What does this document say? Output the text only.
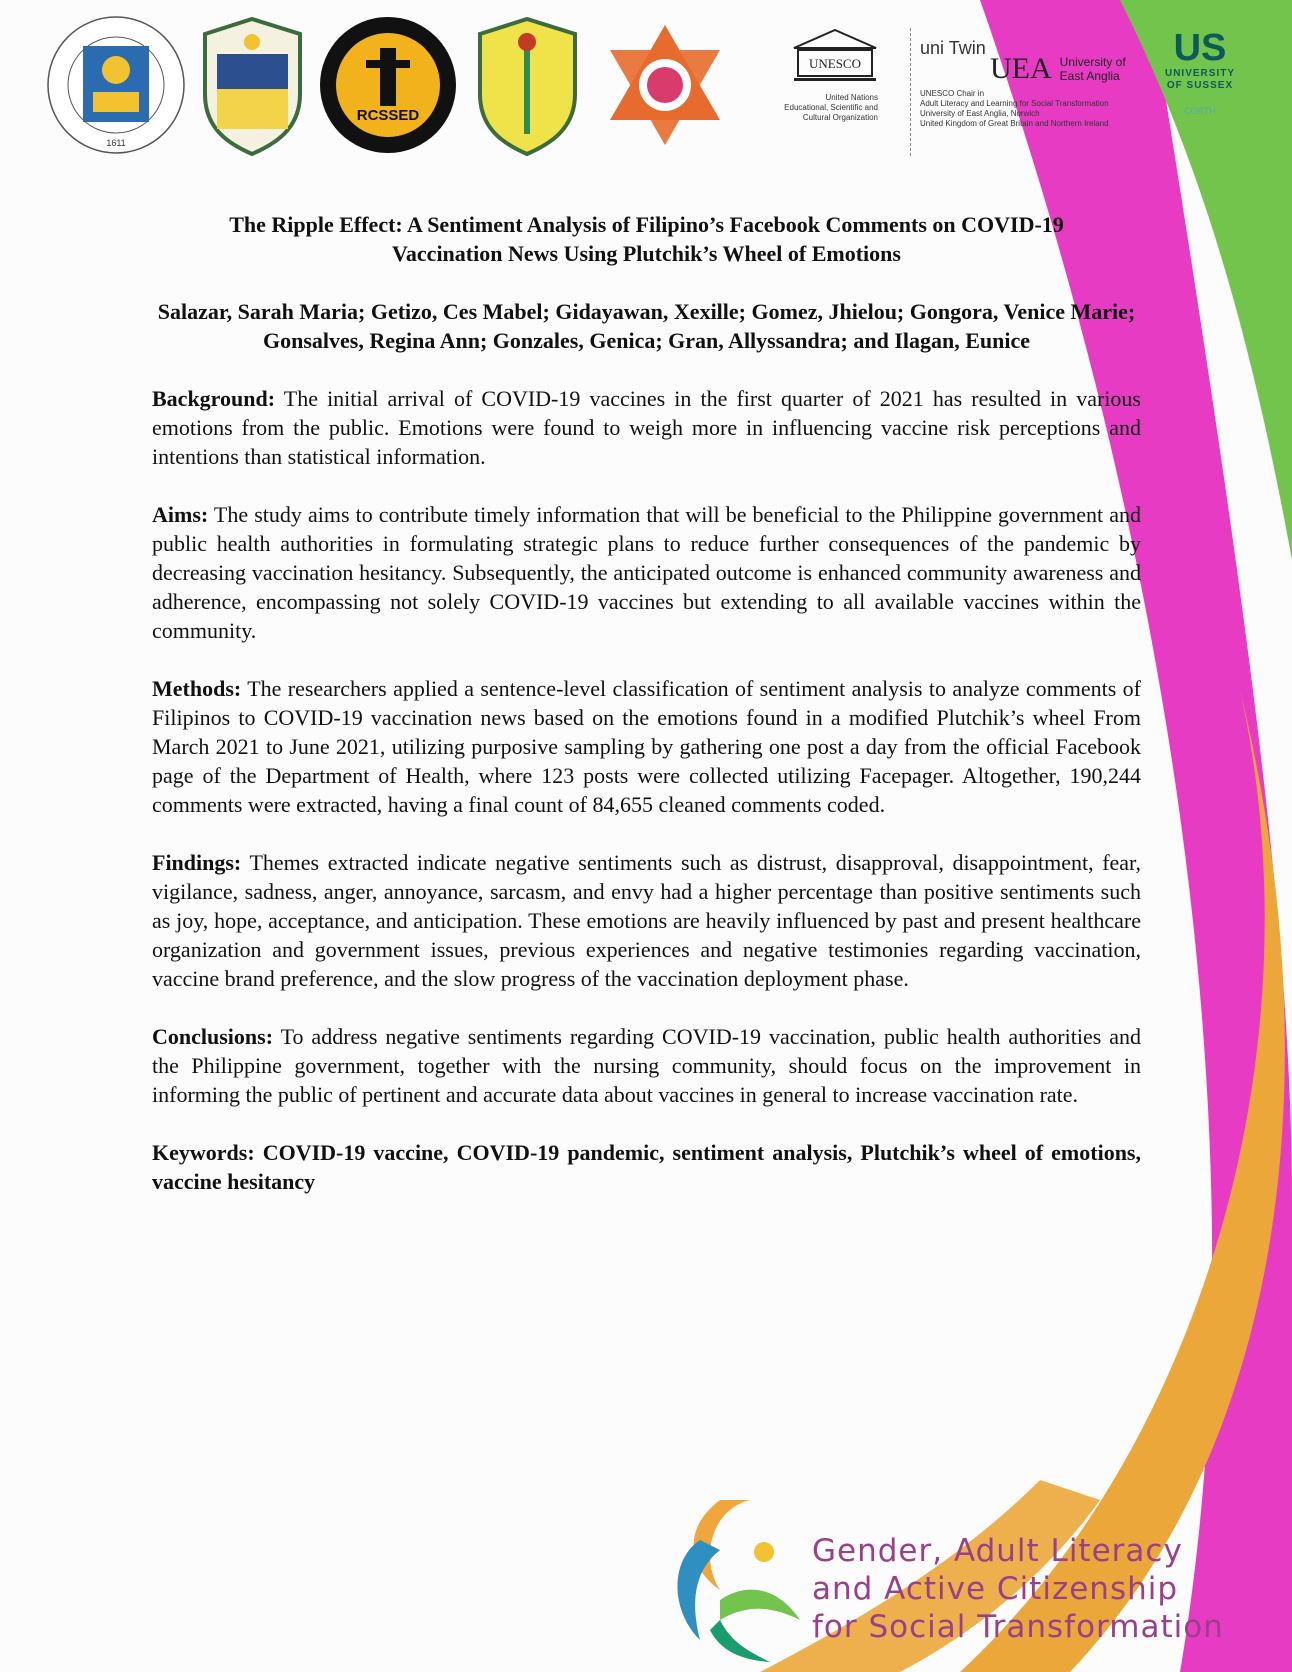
1611
RCSSED
UNESCO
United Nations
Educational, Scientific and
Cultural Organization
uni Twin
UNESCO Chair in
Adult Literacy and Learning for Social Transformation
University of East Anglia, Norwich
United Kingdom of Great Britain and Northern Ireland
UEA University of
East Anglia
US
UNIVERSITY
OF SUSSEX
CORTH

The Ripple Effect: A Sentiment Analysis of Filipino’s Facebook Comments on COVID-19
Vaccination News Using Plutchik’s Wheel of Emotions

Salazar, Sarah Maria; Getizo, Ces Mabel; Gidayawan, Xexille; Gomez, Jhielou; Gongora, Venice Marie; Gonsalves, Regina Ann; Gonzales, Genica; Gran, Allyssandra; and Ilagan, Eunice

Background: The initial arrival of COVID-19 vaccines in the first quarter of 2021 has resulted in various emotions from the public. Emotions were found to weigh more in influencing vaccine risk perceptions and intentions than statistical information.

Aims: The study aims to contribute timely information that will be beneficial to the Philippine government and public health authorities in formulating strategic plans to reduce further consequences of the pandemic by decreasing vaccination hesitancy. Subsequently, the anticipated outcome is enhanced community awareness and adherence, encompassing not solely COVID-19 vaccines but extending to all available vaccines within the community.

Methods: The researchers applied a sentence-level classification of sentiment analysis to analyze comments of Filipinos to COVID-19 vaccination news based on the emotions found in a modified Plutchik’s wheel From March 2021 to June 2021, utilizing purposive sampling by gathering one post a day from the official Facebook page of the Department of Health, where 123 posts were collected utilizing Facepager. Altogether, 190,244 comments were extracted, having a final count of 84,655 cleaned comments coded.

Findings: Themes extracted indicate negative sentiments such as distrust, disapproval, disappointment, fear, vigilance, sadness, anger, annoyance, sarcasm, and envy had a higher percentage than positive sentiments such as joy, hope, acceptance, and anticipation. These emotions are heavily influenced by past and present healthcare organization and government issues, previous experiences and negative testimonies regarding vaccination, vaccine brand preference, and the slow progress of the vaccination deployment phase.

Conclusions: To address negative sentiments regarding COVID-19 vaccination, public health authorities and the Philippine government, together with the nursing community, should focus on the improvement in informing the public of pertinent and accurate data about vaccines in general to increase vaccination rate.

Keywords: COVID-19 vaccine, COVID-19 pandemic, sentiment analysis, Plutchik’s wheel of emotions, vaccine hesitancy

Gender, Adult Literacy
and Active Citizenship
for Social Transformation
